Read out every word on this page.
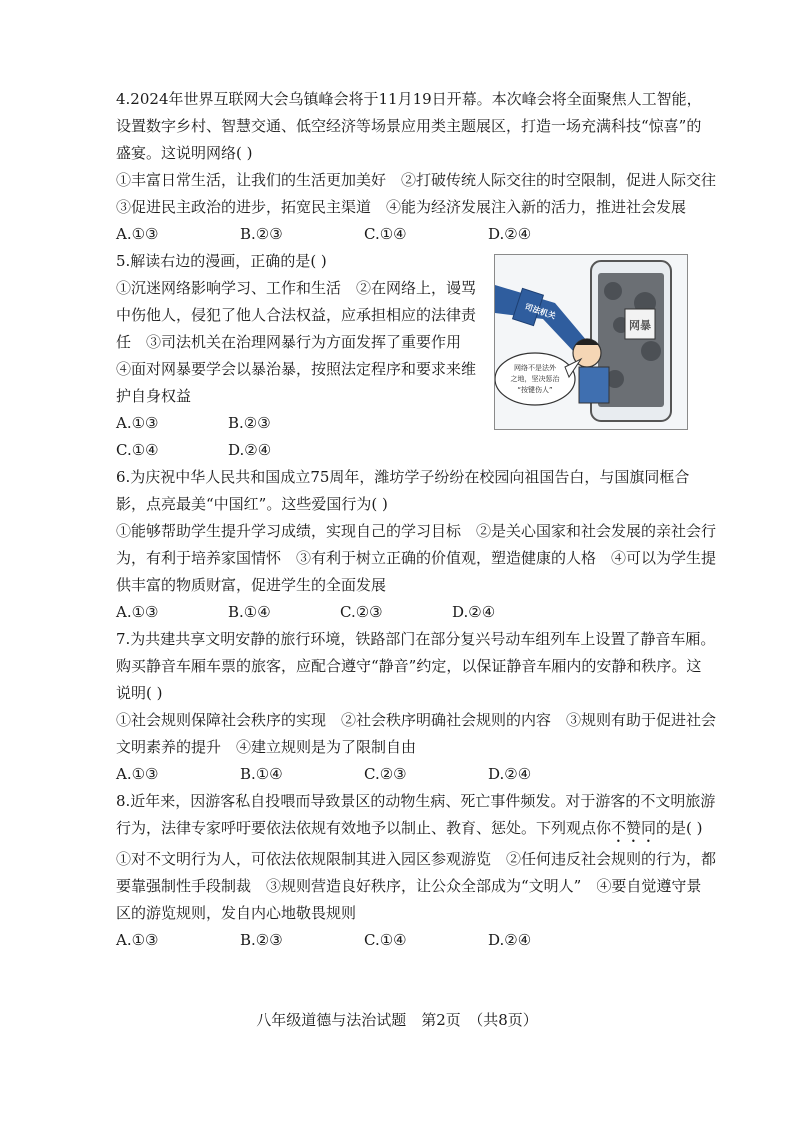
4.2024年世界互联网大会乌镇峰会将于11月19日开幕。本次峰会将全面聚焦人工智能，设置数字乡村、智慧交通、低空经济等场景应用类主题展区，打造一场充满科技“惊喜”的盛宴。这说明网络( )

①丰富日常生活，让我们的生活更加美好　②打破传统人际交往的时空限制，促进人际交往　③促进民主政治的进步，拓宽民主渠道　④能为经济发展注入新的活力，推进社会发展

A.①③	B.②③	C.①④	D.②④

5.解读右边的漫画，正确的是( )

①沉迷网络影响学习、工作和生活　②在网络上，谩骂中伤他人，侵犯了他人合法权益，应承担相应的法律责任　③司法机关在治理网暴行为方面发挥了重要作用　④面对网暴要学会以暴治暴，按照法定程序和要求来维护自身权益

A.①③	B.②③
C.①④	D.②④
网暴
司法机关
网络不是法外
之地，坚决惩治
“按键伤人”

6.为庆祝中华人民共和国成立75周年，潍坊学子纷纷在校园向祖国告白，与国旗同框合影，点亮最美“中国红”。这些爱国行为( )

①能够帮助学生提升学习成绩，实现自己的学习目标　②是关心国家和社会发展的亲社会行为，有利于培养家国情怀　③有利于树立正确的价值观，塑造健康的人格　④可以为学生提供丰富的物质财富，促进学生的全面发展

A.①③	B.①④	C.②③	D.②④

7.为共建共享文明安静的旅行环境，铁路部门在部分复兴号动车组列车上设置了静音车厢。购买静音车厢车票的旅客，应配合遵守“静音”约定，以保证静音车厢内的安静和秩序。这说明( )

①社会规则保障社会秩序的实现　②社会秩序明确社会规则的内容　③规则有助于促进社会文明素养的提升　④建立规则是为了限制自由

A.①③	B.①④	C.②③	D.②④

8.近年来，因游客私自投喂而导致景区的动物生病、死亡事件频发。对于游客的不文明旅游行为，法律专家呼吁要依法依规有效地予以制止、教育、惩处。下列观点你不赞同的是( )

①对不文明行为人，可依法依规限制其进入园区参观游览　②任何违反社会规则的行为，都要靠强制性手段制裁　③规则营造良好秩序，让公众全部成为“文明人”　④要自觉遵守景区的游览规则，发自内心地敬畏规则

A.①③	B.②③	C.①④	D.②④
八年级道德与法治试题　第2页　（共8页）
